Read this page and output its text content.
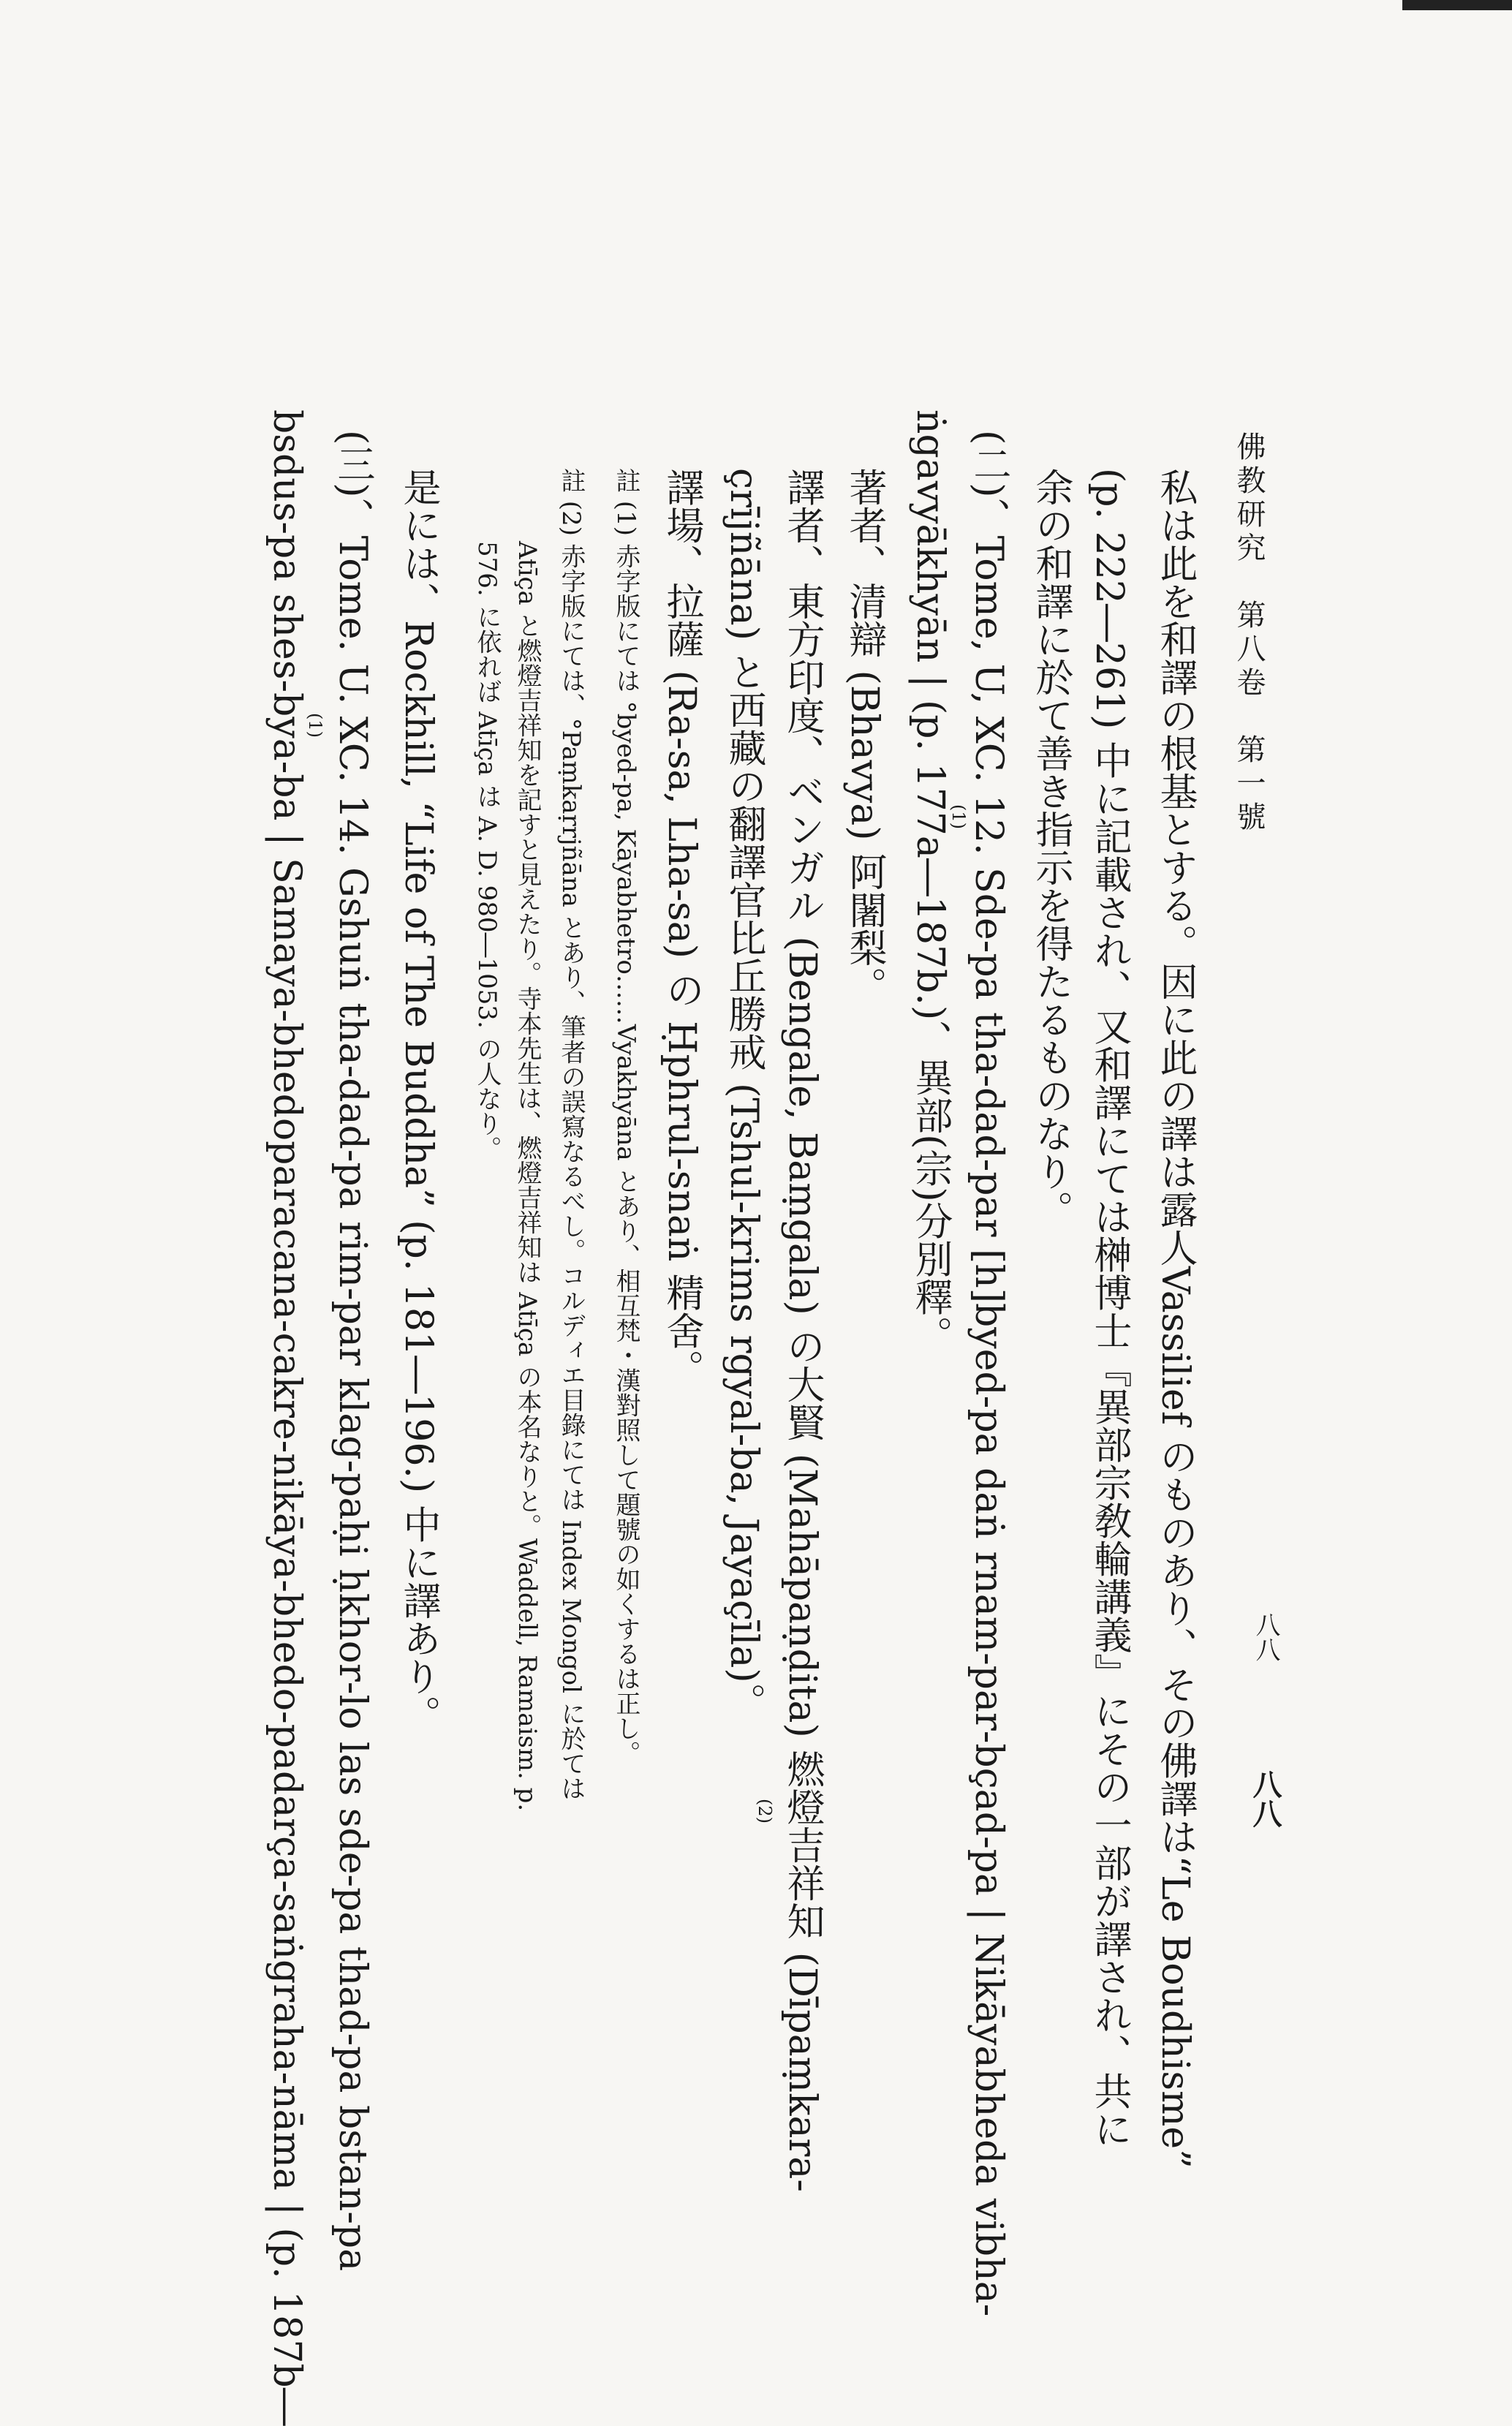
佛教研究　第八卷　第一號
八八
八八
私は此を和譯の根基とする。因に此の譯は露人Vassilief のものあり、その佛譯は“Le Boudhisme”
(p. 222―261) 中に記載され、又和譯にては榊博士『異部宗敎輪講義』にその一部が譯され、共に
余の和譯に於て善き指示を得たるものなり。
(二)、Tome, U, XC. 12. Sde-pa tha-dad-par [h]byed-pa daṅ rnam-par-bçad-pa | Nikāyabheda vibha-
(1)
ṅgavyākhyān | (p. 177a―187b.)、異部(宗)分別釋。
著者、清辯 (Bhavya) 阿闍梨。
譯者、東方印度、ベンガル (Bengale, Baṃgala) の大賢 (Mahāpaṇḍita) 燃燈吉祥知 (Dīpaṃkara-
(2)
çrījñāna) と西藏の翻譯官比丘勝戒 (Tshul-krims rgyal-ba, Jayaçīla)。
譯場、拉薩 (Ra-sa, Lha-sa) の Ḥphrul-snaṅ 精舍。
註 (1) 赤字版にては °byed-pa, Kāyabhetro……Vyakhyāna とあり、相互梵・漢對照して題號の如くするは正し。
註 (2) 赤字版にては、°Paṃkaṛrjñāna とあり、筆者の誤寫なるべし。コルディエ目錄にては Index Mongol に於ては
Atīça と燃燈吉祥知を記すと見えたり。寺本先生は、燃燈吉祥知は Atīça の本名なりと。Waddell, Ramaism. p.
576. に依れば Atīça は A. D. 980―1053. の人なり。
是には、Rockhill, “Life of The Buddha” (p. 181―196.) 中に譯あり。
(三)、Tome. U. XC. 14. Gshuṅ tha-dad-pa rim-par klag-paḥi ḥkhor-lo las sde-pa thad-pa bstan-pa
(1)
bsdus-pa shes-bya-ba | Samaya-bhedoparacana-cakre-nikāya-bhedo-padarça-saṅgraha-nāma | (p. 187b―
